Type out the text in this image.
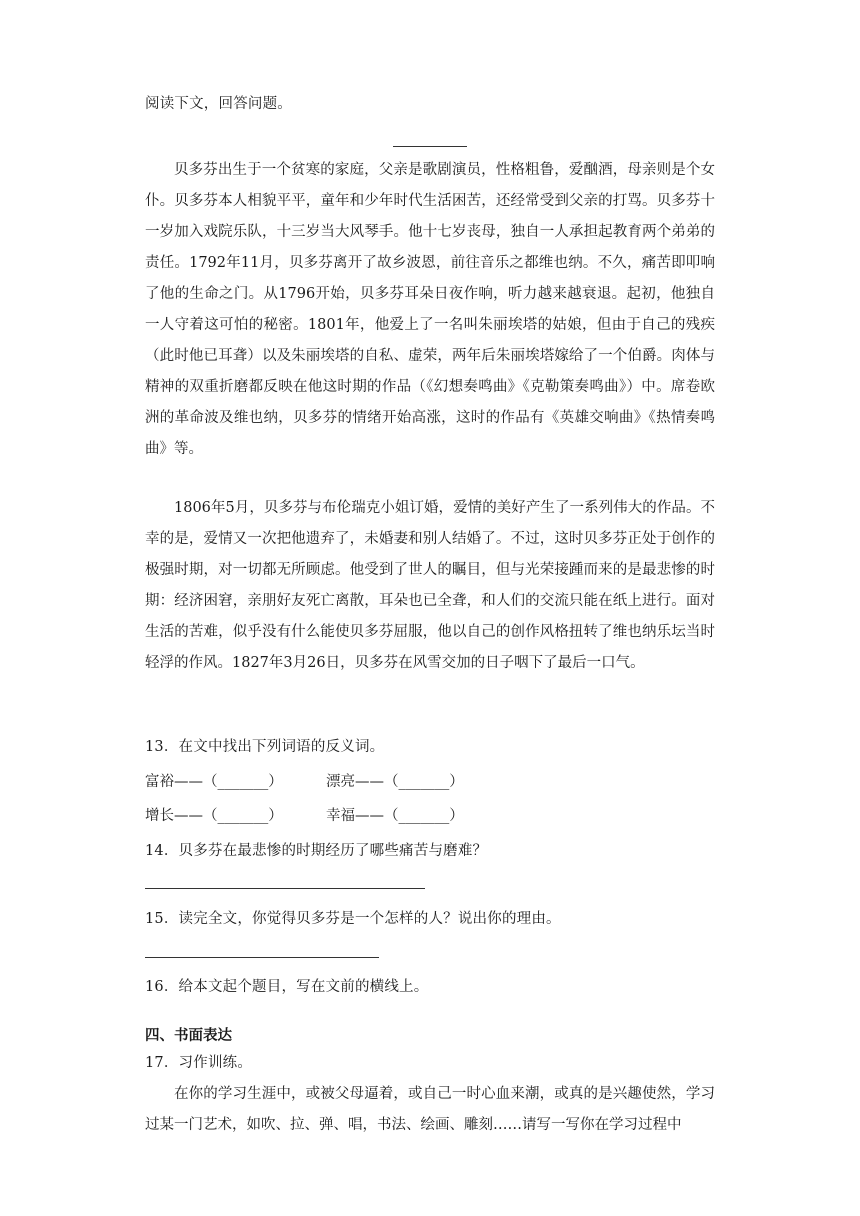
阅读下文，回答问题。
贝多芬出生于一个贫寒的家庭，父亲是歌剧演员，性格粗鲁，爱酗酒，母亲则是个女仆。贝多芬本人相貌平平，童年和少年时代生活困苦，还经常受到父亲的打骂。贝多芬十一岁加入戏院乐队，十三岁当大风琴手。他十七岁丧母，独自一人承担起教育两个弟弟的责任。1792年11月，贝多芬离开了故乡波恩，前往音乐之都维也纳。不久，痛苦即叩响了他的生命之门。从1796开始，贝多芬耳朵日夜作响，听力越来越衰退。起初，他独自一人守着这可怕的秘密。1801年，他爱上了一名叫朱丽埃塔的姑娘，但由于自己的残疾（此时他已耳聋）以及朱丽埃塔的自私、虚荣，两年后朱丽埃塔嫁给了一个伯爵。肉体与精神的双重折磨都反映在他这时期的作品（《幻想奏鸣曲》《克勒策奏鸣曲》）中。席卷欧洲的革命波及维也纳，贝多芬的情绪开始高涨，这时的作品有《英雄交响曲》《热情奏鸣曲》等。
1806年5月，贝多芬与布伦瑞克小姐订婚，爱情的美好产生了一系列伟大的作品。不幸的是，爱情又一次把他遗弃了，未婚妻和别人结婚了。不过，这时贝多芬正处于创作的极强时期，对一切都无所顾虑。他受到了世人的瞩目，但与光荣接踵而来的是最悲惨的时期：经济困窘，亲朋好友死亡离散，耳朵也已全聋，和人们的交流只能在纸上进行。面对生活的苦难，似乎没有什么能使贝多芬屈服，他以自己的创作风格扭转了维也纳乐坛当时轻浮的作风。1827年3月26日，贝多芬在风雪交加的日子咽下了最后一口气。
13．在文中找出下列词语的反义词。
富裕——（_______）	漂亮——（_______）
增长——（_______）	幸福——（_______）
14．贝多芬在最悲惨的时期经历了哪些痛苦与磨难？
15．读完全文，你觉得贝多芬是一个怎样的人？说出你的理由。
16．给本文起个题目，写在文前的横线上。
四、书面表达
17．习作训练。
在你的学习生涯中，或被父母逼着，或自己一时心血来潮，或真的是兴趣使然，学习过某一门艺术，如吹、拉、弹、唱，书法、绘画、雕刻……请写一写你在学习过程中
